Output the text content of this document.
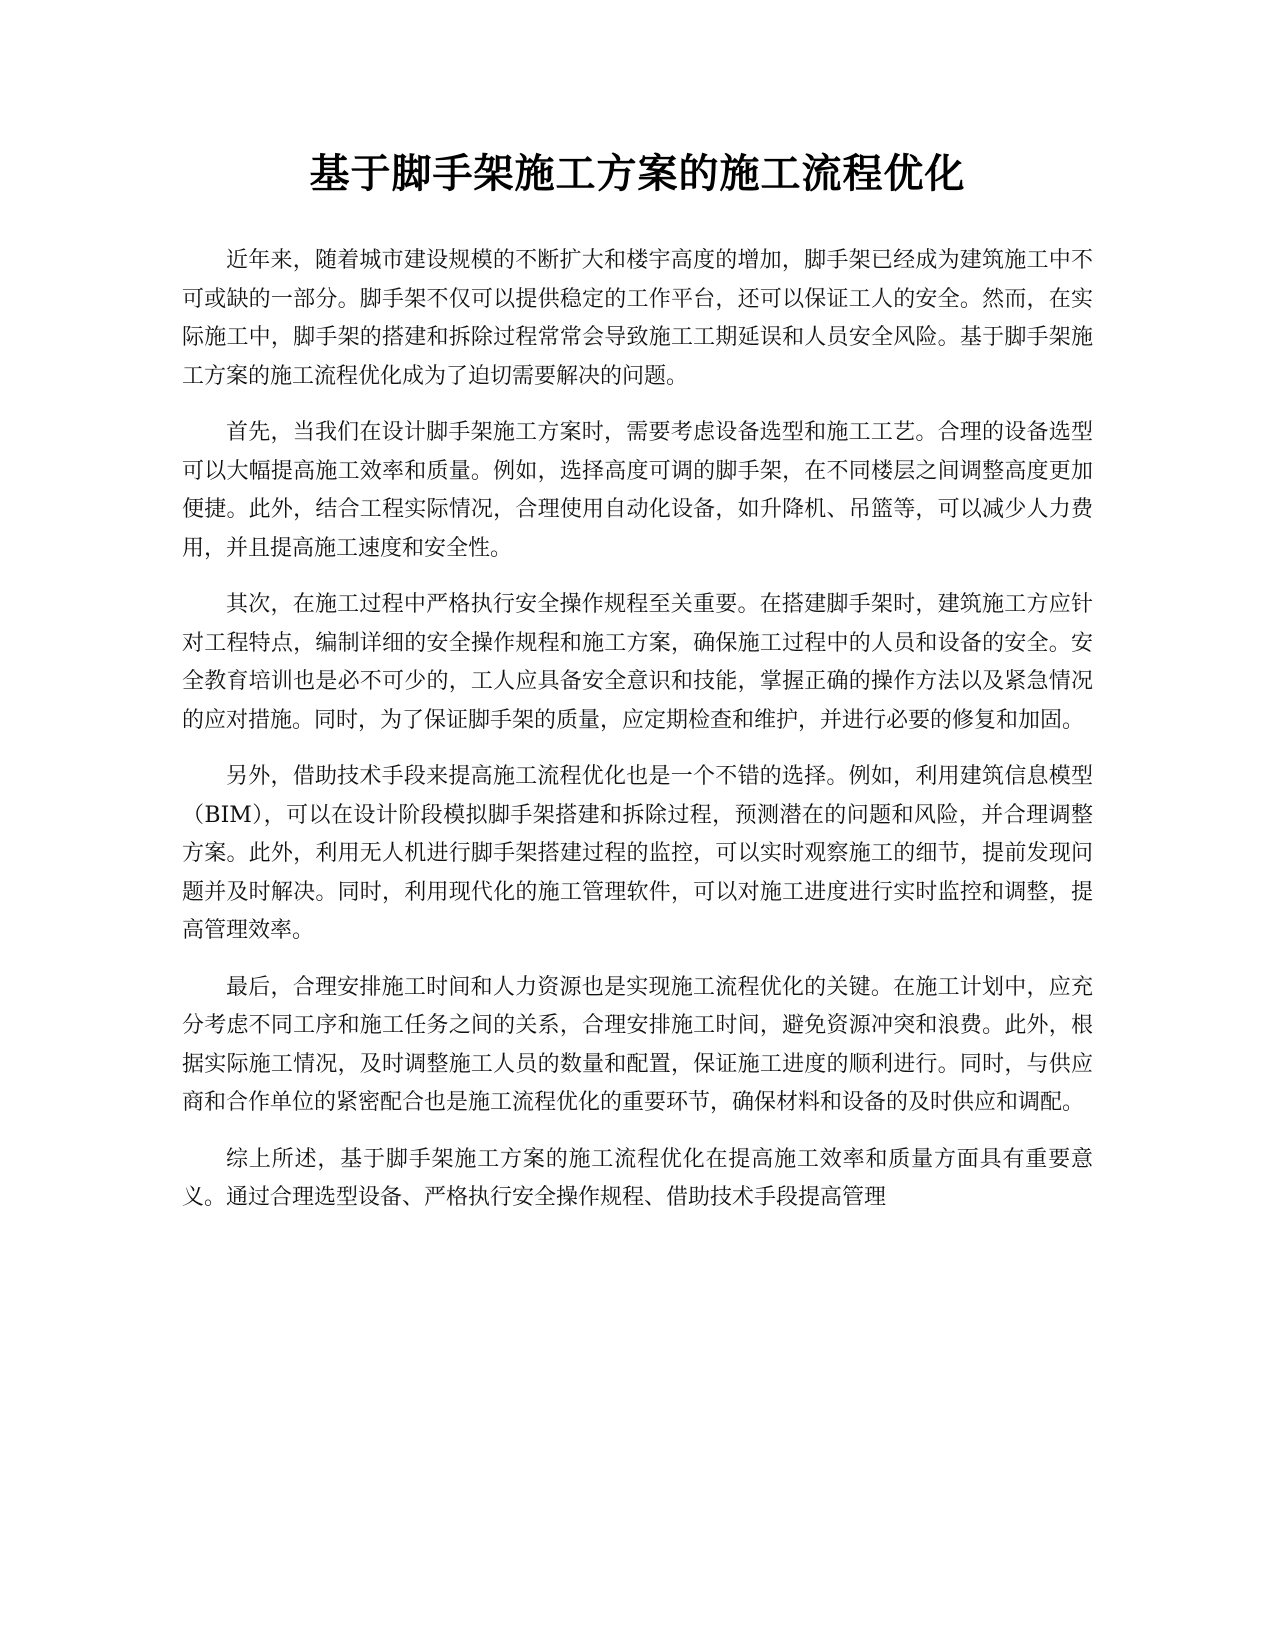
基于脚手架施工方案的施工流程优化

近年来，随着城市建设规模的不断扩大和楼宇高度的增加，脚手架已经成为建筑施工中不可或缺的一部分。脚手架不仅可以提供稳定的工作平台，还可以保证工人的安全。然而，在实际施工中，脚手架的搭建和拆除过程常常会导致施工工期延误和人员安全风险。基于脚手架施工方案的施工流程优化成为了迫切需要解决的问题。

首先，当我们在设计脚手架施工方案时，需要考虑设备选型和施工工艺。合理的设备选型可以大幅提高施工效率和质量。例如，选择高度可调的脚手架，在不同楼层之间调整高度更加便捷。此外，结合工程实际情况，合理使用自动化设备，如升降机、吊篮等，可以减少人力费用，并且提高施工速度和安全性。

其次，在施工过程中严格执行安全操作规程至关重要。在搭建脚手架时，建筑施工方应针对工程特点，编制详细的安全操作规程和施工方案，确保施工过程中的人员和设备的安全。安全教育培训也是必不可少的，工人应具备安全意识和技能，掌握正确的操作方法以及紧急情况的应对措施。同时，为了保证脚手架的质量，应定期检查和维护，并进行必要的修复和加固。

另外，借助技术手段来提高施工流程优化也是一个不错的选择。例如，利用建筑信息模型（BIM），可以在设计阶段模拟脚手架搭建和拆除过程，预测潜在的问题和风险，并合理调整方案。此外，利用无人机进行脚手架搭建过程的监控，可以实时观察施工的细节，提前发现问题并及时解决。同时，利用现代化的施工管理软件，可以对施工进度进行实时监控和调整，提高管理效率。

最后，合理安排施工时间和人力资源也是实现施工流程优化的关键。在施工计划中，应充分考虑不同工序和施工任务之间的关系，合理安排施工时间，避免资源冲突和浪费。此外，根据实际施工情况，及时调整施工人员的数量和配置，保证施工进度的顺利进行。同时，与供应商和合作单位的紧密配合也是施工流程优化的重要环节，确保材料和设备的及时供应和调配。

综上所述，基于脚手架施工方案的施工流程优化在提高施工效率和质量方面具有重要意义。通过合理选型设备、严格执行安全操作规程、借助技术手段提高管理
